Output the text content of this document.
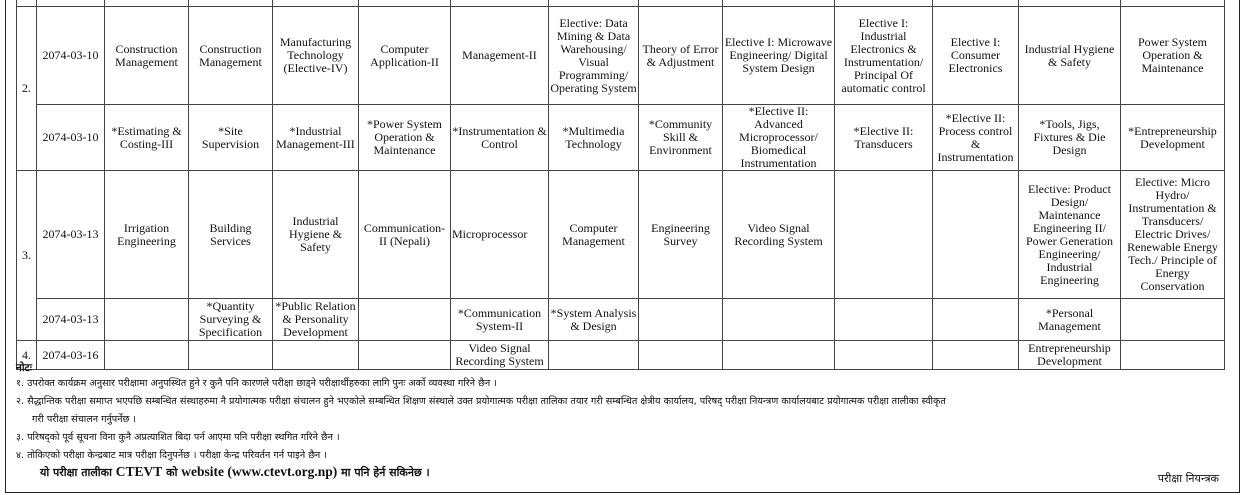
2.	2074-03-10	Construction Management	Construction Management	Manufacturing Technology (Elective-IV)	Computer Application-II	Management-II	Elective: Data Mining & Data Warehousing/ Visual Programming/ Operating System	Theory of Error & Adjustment	Elective I: Microwave Engineering/ Digital System Design	Elective I: Industrial Electronics & Instrumentation/ Principal Of automatic control	Elective I: Consumer Electronics	Industrial Hygiene & Safety	Power System Operation & Maintenance
	2074-03-10	*Estimating & Costing-III	*Site Supervision	*Industrial Management-III	*Power System Operation & Maintenance	*Instrumentation & Control	*Multimedia Technology	*Community Skill & Environment	*Elective II: Advanced Microprocessor/ Biomedical Instrumentation	*Elective II: Transducers	*Elective II: Process control & Instrumentation	*Tools, Jigs, Fixtures & Die Design	*Entrepreneurship Development
3.	2074-03-13	Irrigation Engineering	Building Services	Industrial Hygiene & Safety	Communication-II (Nepali)	Microprocessor	Computer Management	Engineering Survey	Video Signal Recording System			Elective: Product Design/ Maintenance Engineering II/ Power Generation Engineering/ Industrial Engineering	Elective: Micro Hydro/ Instrumentation & Transducers/ Electric Drives/ Renewable Energy Tech./ Principle of Energy Conservation
	2074-03-13		*Quantity Surveying & Specification	*Public Relation & Personality Development		*Communication System-II	*System Analysis & Design					*Personal Management	
4.	2074-03-16					Video Signal Recording System						Entrepreneurship Development	
नोटः
१. उपरोक्त कार्यक्रम अनुसार परीक्षामा अनुपस्थित हुने र कुनै पनि कारणले परीक्षा छाड्ने परीक्षार्थीहरुका लागि पुनः अर्को व्यवस्था गरिने छैन ।
२. सैद्धान्तिक परीक्षा समाप्त भएपछि सम्बन्धित संस्थाहरुमा नै प्रयोगात्मक परीक्षा संचालन हुने भएकोले सम्बन्धित शिक्षण संस्थाले उक्त प्रयोगात्मक परीक्षा तालिका तयार गरी सम्बन्धित क्षेत्रीय कार्यालय, परिषद् परीक्षा नियन्त्रण कार्यालयबाट प्रयोगात्मक परीक्षा तालीका स्वीकृत
गरी परीक्षा संचालन गर्नुपर्नेछ ।
३. परिषद्को पूर्व सूचना विना कुनै अप्रत्याशित बिदा पर्न आएमा पनि परीक्षा स्थगित गरिने छैन ।
४. तोकिएको परीक्षा केन्द्रबाट मात्र परीक्षा दिनुपर्नेछ । परीक्षा केन्द्र परिवर्तन गर्न पाइने छैन ।
यो परीक्षा तालीका CTEVT को website (www.ctevt.org.np) मा पनि हेर्न सकिनेछ ।	परीक्षा नियन्त्रक
